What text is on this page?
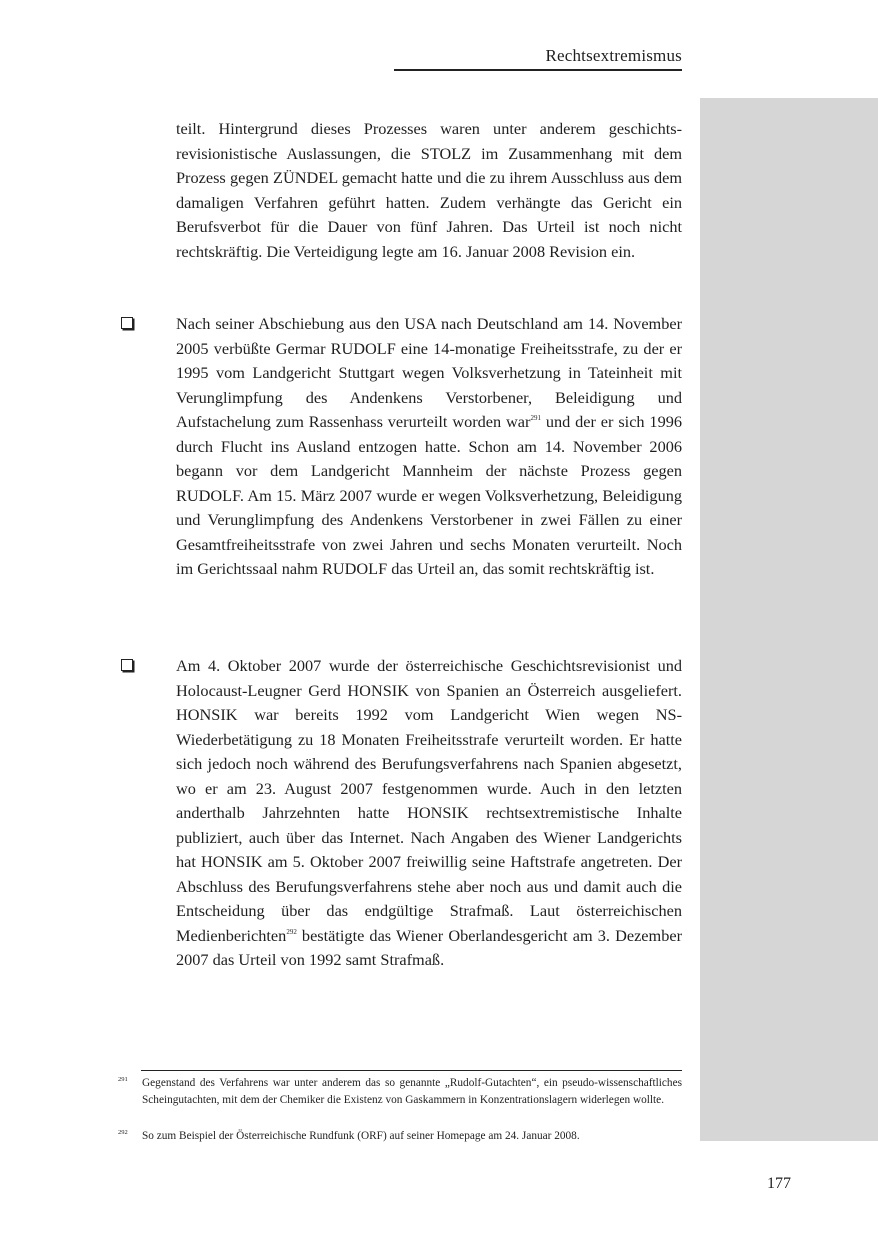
Rechtsextremismus

teilt. Hintergrund dieses Prozesses waren unter anderem geschichtsrevisionistische Auslassungen, die STOLZ im Zusammenhang mit dem Prozess gegen ZÜNDEL gemacht hatte und die zu ihrem Ausschluss aus dem damaligen Verfahren geführt hatten. Zudem verhängte das Gericht ein Berufsverbot für die Dauer von fünf Jahren. Das Urteil ist noch nicht rechtskräftig. Die Verteidigung legte am 16. Januar 2008 Revision ein.

Nach seiner Abschiebung aus den USA nach Deutschland am 14. November 2005 verbüßte Germar RUDOLF eine 14-monatige Freiheitsstrafe, zu der er 1995 vom Landgericht Stuttgart wegen Volksverhetzung in Tateinheit mit Verunglimpfung des Andenkens Verstorbener, Beleidigung und Aufstachelung zum Rassenhass verurteilt worden war$^{291}$ und der er sich 1996 durch Flucht ins Ausland entzogen hatte. Schon am 14. November 2006 begann vor dem Landgericht Mannheim der nächste Prozess gegen RUDOLF. Am 15. März 2007 wurde er wegen Volksverhetzung, Beleidigung und Verunglimpfung des Andenkens Verstorbener in zwei Fällen zu einer Gesamtfreiheitsstrafe von zwei Jahren und sechs Monaten verurteilt. Noch im Gerichtssaal nahm RUDOLF das Urteil an, das somit rechtskräftig ist.

Am 4. Oktober 2007 wurde der österreichische Geschichtsrevisionist und Holocaust-Leugner Gerd HONSIK von Spanien an Österreich ausgeliefert. HONSIK war bereits 1992 vom Landgericht Wien wegen NS-Wiederbetätigung zu 18 Monaten Freiheitsstrafe verurteilt worden. Er hatte sich jedoch noch während des Berufungsverfahrens nach Spanien abgesetzt, wo er am 23. August 2007 festgenommen wurde. Auch in den letzten anderthalb Jahrzehnten hatte HONSIK rechtsextremistische Inhalte publiziert, auch über das Internet. Nach Angaben des Wiener Landgerichts hat HONSIK am 5. Oktober 2007 freiwillig seine Haftstrafe angetreten. Der Abschluss des Berufungsverfahrens stehe aber noch aus und damit auch die Entscheidung über das endgültige Strafmaß. Laut österreichischen Medienberichten$^{292}$ bestätigte das Wiener Oberlandesgericht am 3. Dezember 2007 das Urteil von 1992 samt Strafmaß.

291 Gegenstand des Verfahrens war unter anderem das so genannte „Rudolf-Gutachten“, ein pseudo-wissenschaftliches Scheingutachten, mit dem der Chemiker die Existenz von Gaskammern in Konzentrationslagern widerlegen wollte.
292 So zum Beispiel der Österreichische Rundfunk (ORF) auf seiner Homepage am 24. Januar 2008.
177
